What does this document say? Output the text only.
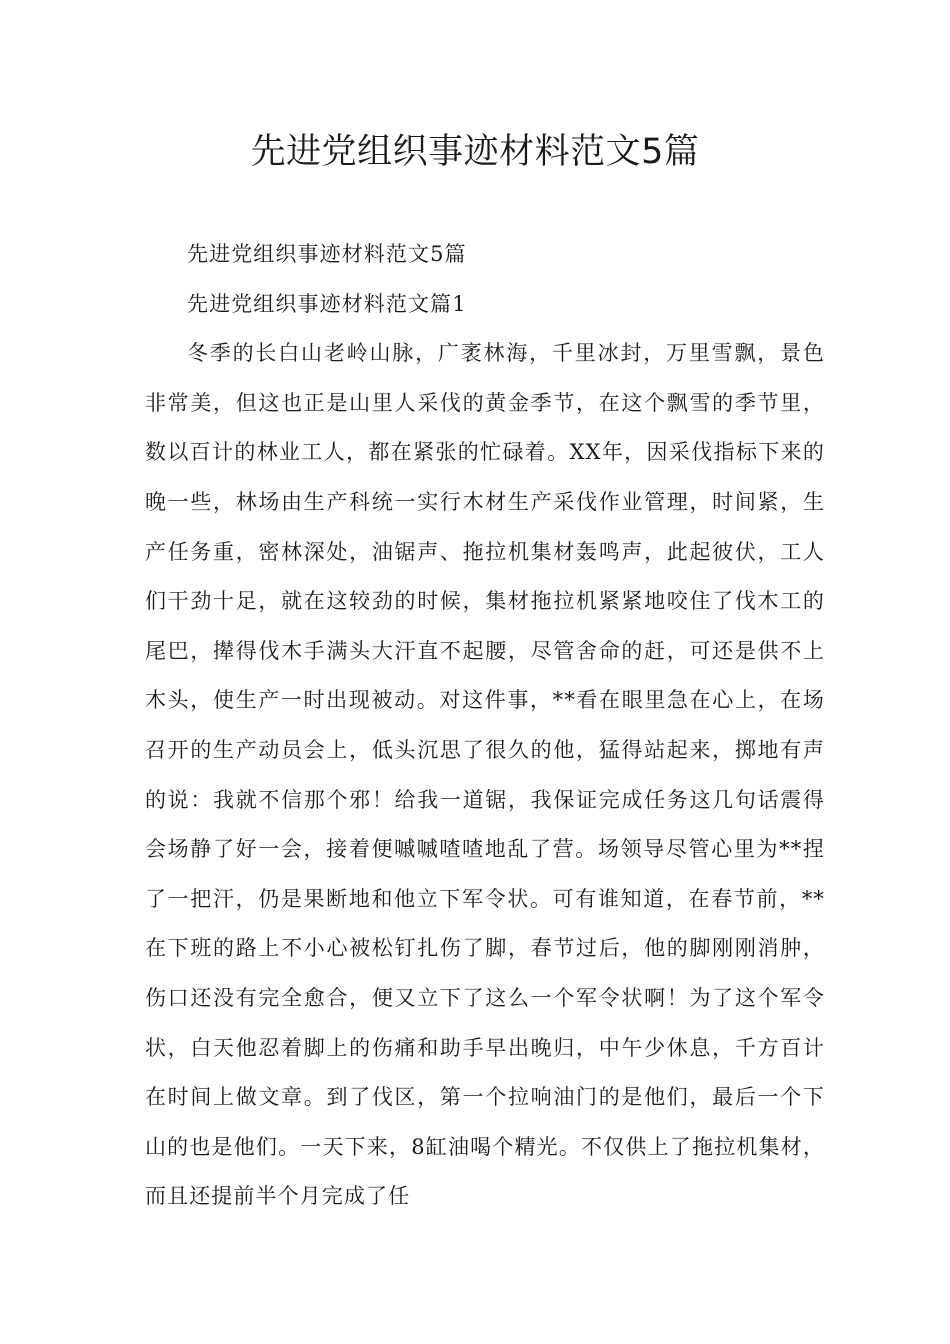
先进党组织事迹材料范文5篇

先进党组织事迹材料范文5篇

先进党组织事迹材料范文篇1

冬季的长白山老岭山脉，广袤林海，千里冰封，万里雪飘，景色非常美，但这也正是山里人采伐的黄金季节，在这个飘雪的季节里，数以百计的林业工人，都在紧张的忙碌着。XX年，因采伐指标下来的晚一些，林场由生产科统一实行木材生产采伐作业管理，时间紧，生产任务重，密林深处，油锯声、拖拉机集材轰鸣声，此起彼伏，工人们干劲十足，就在这较劲的时候，集材拖拉机紧紧地咬住了伐木工的尾巴，撵得伐木手满头大汗直不起腰，尽管舍命的赶，可还是供不上木头，使生产一时出现被动。对这件事，**看在眼里急在心上，在场召开的生产动员会上，低头沉思了很久的他，猛得站起来，掷地有声的说：我就不信那个邪！给我一道锯，我保证完成任务这几句话震得会场静了好一会，接着便嘁嘁喳喳地乱了营。场领导尽管心里为**捏了一把汗，仍是果断地和他立下军令状。可有谁知道，在春节前，**在下班的路上不小心被松钉扎伤了脚，春节过后，他的脚刚刚消肿，伤口还没有完全愈合，便又立下了这么一个军令状啊！为了这个军令状，白天他忍着脚上的伤痛和助手早出晚归，中午少休息，千方百计在时间上做文章。到了伐区，第一个拉响油门的是他们，最后一个下山的也是他们。一天下来，8缸油喝个精光。不仅供上了拖拉机集材，而且还提前半个月完成了任
